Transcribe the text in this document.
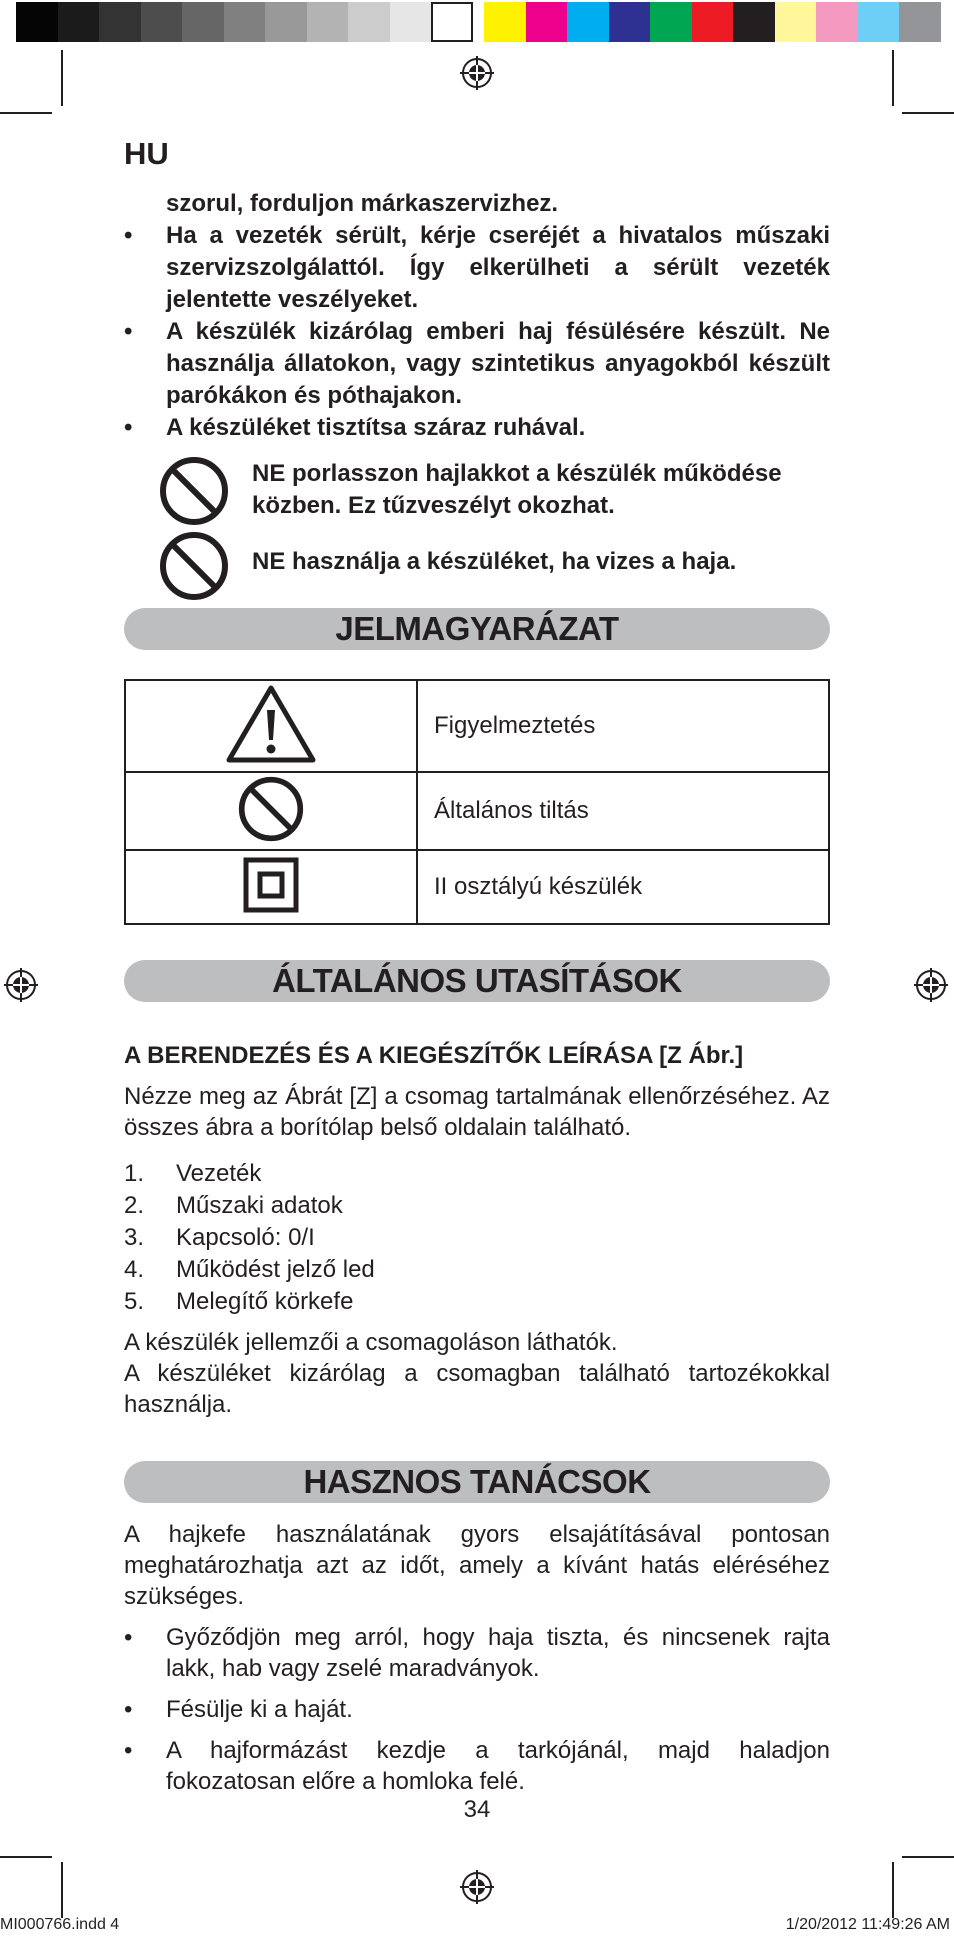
HU
szorul, forduljon márkaszervizhez.
•	Ha a vezeték sérült, kérje cseréjét a hivatalos műszaki szervizszolgálattól. Így elkerülheti a sérült vezeték jelentette veszélyeket.
•	A készülék kizárólag emberi haj fésülésére készült. Ne használja állatokon, vagy szintetikus anyagokból készült parókákon és póthajakon.
•	A készüléket tisztítsa száraz ruhával.
NE porlasszon hajlakkot a készülék működése közben. Ez tűzveszélyt okozhat.
NE használja a készüléket, ha vizes a haja.
JELMAGYARÁZAT
	Figyelmeztetés
	Általános tiltás
	II osztályú készülék
ÁLTALÁNOS UTASÍTÁSOK
A BERENDEZÉS ÉS A KIEGÉSZÍTŐK LEÍRÁSA [Z Ábr.]
Nézze meg az Ábrát [Z] a csomag tartalmának ellenőrzéséhez. Az összes ábra a borítólap belső oldalain található.
1.	Vezeték
2.	Műszaki adatok
3.	Kapcsoló: 0/I
4.	Működést jelző led
5.	Melegítő körkefe
A készülék jellemzői a csomagoláson láthatók.
A készüléket kizárólag a csomagban található tartozékokkal használja.
HASZNOS TANÁCSOK
A hajkefe használatának gyors elsajátításával pontosan meghatározhatja azt az időt, amely a kívánt hatás eléréséhez szükséges.
•	Győződjön meg arról, hogy haja tiszta, és nincsenek rajta lakk, hab vagy zselé maradványok.
•	Fésülje ki a haját.
•	A hajformázást kezdje a tarkójánál, majd haladjon fokozatosan előre a homloka felé.
34
MI000766.indd 4	1/20/2012 11:49:26 AM
